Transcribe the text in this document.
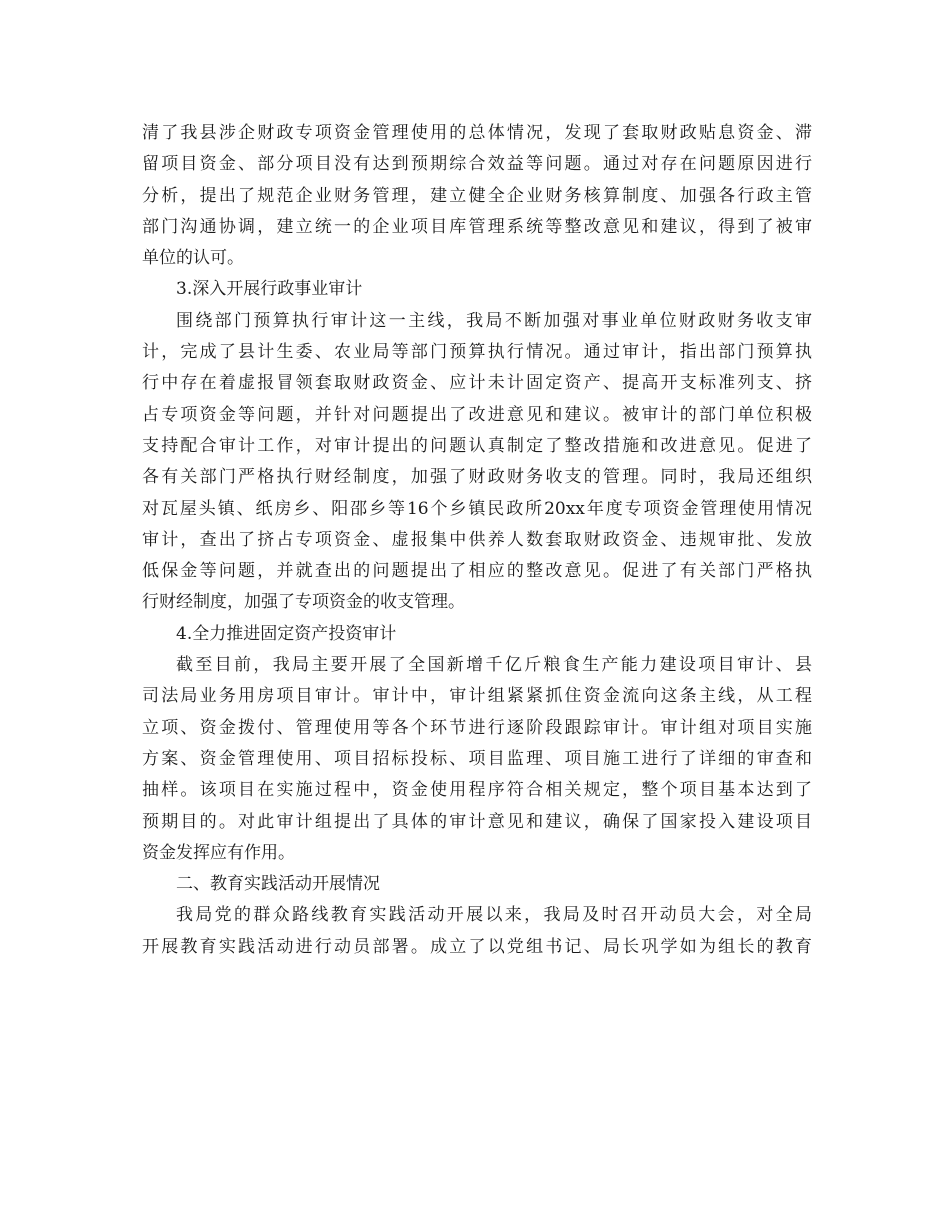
清了我县涉企财政专项资金管理使用的总体情况，发现了套取财政贴息资金、滞
留项目资金、部分项目没有达到预期综合效益等问题。通过对存在问题原因进行
分析，提出了规范企业财务管理，建立健全企业财务核算制度、加强各行政主管
部门沟通协调，建立统一的企业项目库管理系统等整改意见和建议，得到了被审
单位的认可。
3.深入开展行政事业审计
围绕部门预算执行审计这一主线，我局不断加强对事业单位财政财务收支审
计，完成了县计生委、农业局等部门预算执行情况。通过审计，指出部门预算执
行中存在着虚报冒领套取财政资金、应计未计固定资产、提高开支标准列支、挤
占专项资金等问题，并针对问题提出了改进意见和建议。被审计的部门单位积极
支持配合审计工作，对审计提出的问题认真制定了整改措施和改进意见。促进了
各有关部门严格执行财经制度，加强了财政财务收支的管理。同时，我局还组织
对瓦屋头镇、纸房乡、阳邵乡等16个乡镇民政所20xx年度专项资金管理使用情况
审计，查出了挤占专项资金、虚报集中供养人数套取财政资金、违规审批、发放
低保金等问题，并就查出的问题提出了相应的整改意见。促进了有关部门严格执
行财经制度，加强了专项资金的收支管理。
4.全力推进固定资产投资审计
截至目前，我局主要开展了全国新增千亿斤粮食生产能力建设项目审计、县
司法局业务用房项目审计。审计中，审计组紧紧抓住资金流向这条主线，从工程
立项、资金拨付、管理使用等各个环节进行逐阶段跟踪审计。审计组对项目实施
方案、资金管理使用、项目招标投标、项目监理、项目施工进行了详细的审查和
抽样。该项目在实施过程中，资金使用程序符合相关规定，整个项目基本达到了
预期目的。对此审计组提出了具体的审计意见和建议，确保了国家投入建设项目
资金发挥应有作用。
二、教育实践活动开展情况
我局党的群众路线教育实践活动开展以来，我局及时召开动员大会，对全局
开展教育实践活动进行动员部署。成立了以党组书记、局长巩学如为组长的教育
